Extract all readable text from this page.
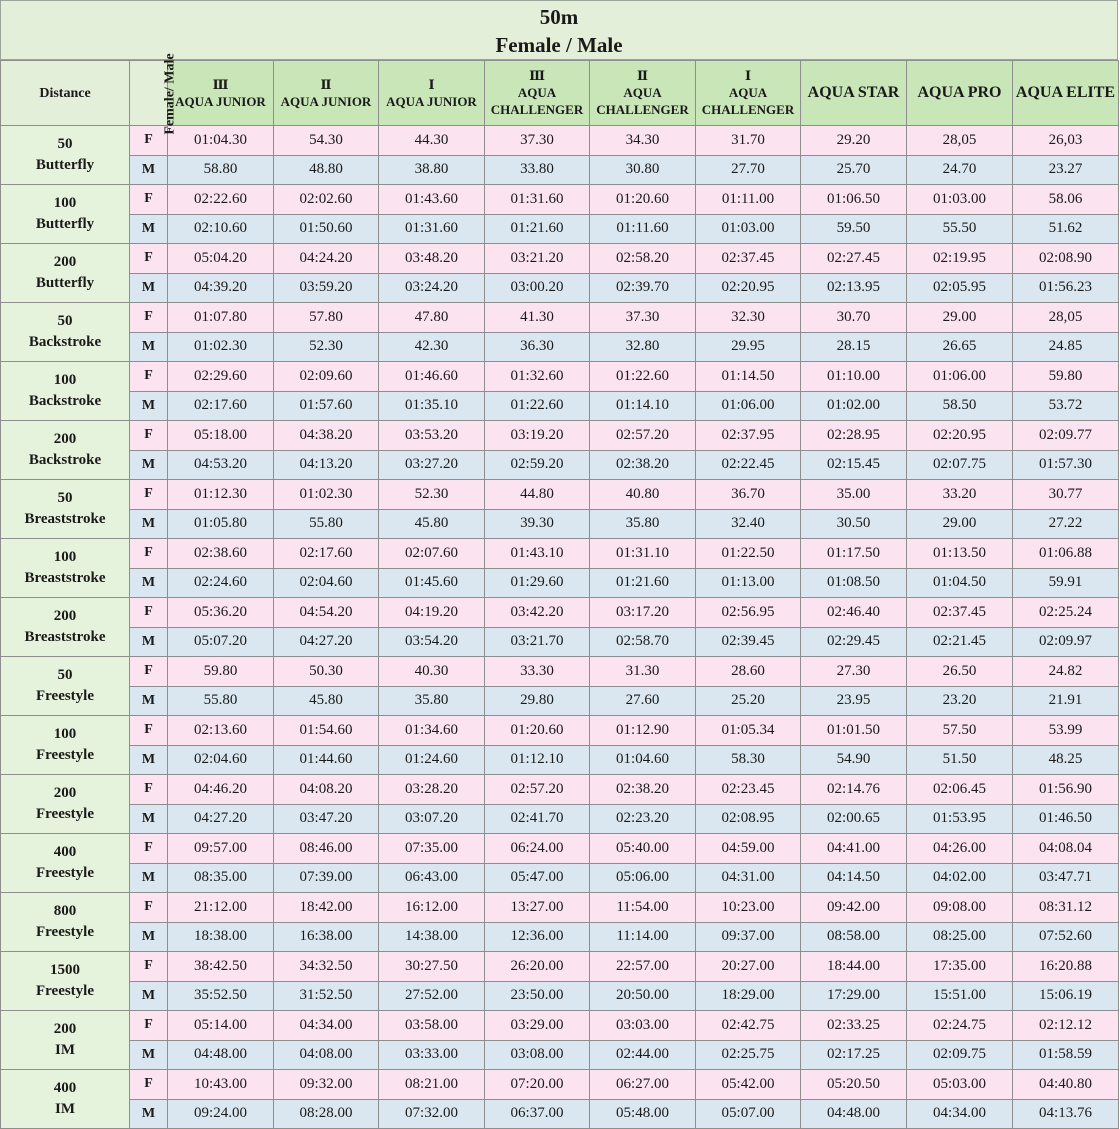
50m
Female / Male
Distance	Female/ Male	Ⅲ
AQUA JUNIOR	Ⅱ
AQUA JUNIOR	Ⅰ
AQUA JUNIOR	Ⅲ
AQUA CHALLENGER	Ⅱ
AQUA CHALLENGER	Ⅰ
AQUA CHALLENGER	AQUA STAR	AQUA PRO	AQUA ELITE

50
Butterfly	F	01:04.30	54.30	44.30	37.30	34.30	31.70	29.20	28,05	26,03
	M	58.80	48.80	38.80	33.80	30.80	27.70	25.70	24.70	23.27

100
Butterfly	F	02:22.60	02:02.60	01:43.60	01:31.60	01:20.60	01:11.00	01:06.50	01:03.00	58.06
	M	02:10.60	01:50.60	01:31.60	01:21.60	01:11.60	01:03.00	59.50	55.50	51.62

200
Butterfly	F	05:04.20	04:24.20	03:48.20	03:21.20	02:58.20	02:37.45	02:27.45	02:19.95	02:08.90
	M	04:39.20	03:59.20	03:24.20	03:00.20	02:39.70	02:20.95	02:13.95	02:05.95	01:56.23

50
Backstroke	F	01:07.80	57.80	47.80	41.30	37.30	32.30	30.70	29.00	28,05
	M	01:02.30	52.30	42.30	36.30	32.80	29.95	28.15	26.65	24.85

100
Backstroke	F	02:29.60	02:09.60	01:46.60	01:32.60	01:22.60	01:14.50	01:10.00	01:06.00	59.80
	M	02:17.60	01:57.60	01:35.10	01:22.60	01:14.10	01:06.00	01:02.00	58.50	53.72

200
Backstroke	F	05:18.00	04:38.20	03:53.20	03:19.20	02:57.20	02:37.95	02:28.95	02:20.95	02:09.77
	M	04:53.20	04:13.20	03:27.20	02:59.20	02:38.20	02:22.45	02:15.45	02:07.75	01:57.30

50
Breaststroke	F	01:12.30	01:02.30	52.30	44.80	40.80	36.70	35.00	33.20	30.77
	M	01:05.80	55.80	45.80	39.30	35.80	32.40	30.50	29.00	27.22

100
Breaststroke	F	02:38.60	02:17.60	02:07.60	01:43.10	01:31.10	01:22.50	01:17.50	01:13.50	01:06.88
	M	02:24.60	02:04.60	01:45.60	01:29.60	01:21.60	01:13.00	01:08.50	01:04.50	59.91

200
Breaststroke	F	05:36.20	04:54.20	04:19.20	03:42.20	03:17.20	02:56.95	02:46.40	02:37.45	02:25.24
	M	05:07.20	04:27.20	03:54.20	03:21.70	02:58.70	02:39.45	02:29.45	02:21.45	02:09.97

50
Freestyle	F	59.80	50.30	40.30	33.30	31.30	28.60	27.30	26.50	24.82
	M	55.80	45.80	35.80	29.80	27.60	25.20	23.95	23.20	21.91

100
Freestyle	F	02:13.60	01:54.60	01:34.60	01:20.60	01:12.90	01:05.34	01:01.50	57.50	53.99
	M	02:04.60	01:44.60	01:24.60	01:12.10	01:04.60	58.30	54.90	51.50	48.25

200
Freestyle	F	04:46.20	04:08.20	03:28.20	02:57.20	02:38.20	02:23.45	02:14.76	02:06.45	01:56.90
	M	04:27.20	03:47.20	03:07.20	02:41.70	02:23.20	02:08.95	02:00.65	01:53.95	01:46.50

400
Freestyle	F	09:57.00	08:46.00	07:35.00	06:24.00	05:40.00	04:59.00	04:41.00	04:26.00	04:08.04
	M	08:35.00	07:39.00	06:43.00	05:47.00	05:06.00	04:31.00	04:14.50	04:02.00	03:47.71

800
Freestyle	F	21:12.00	18:42.00	16:12.00	13:27.00	11:54.00	10:23.00	09:42.00	09:08.00	08:31.12
	M	18:38.00	16:38.00	14:38.00	12:36.00	11:14.00	09:37.00	08:58.00	08:25.00	07:52.60

1500
Freestyle	F	38:42.50	34:32.50	30:27.50	26:20.00	22:57.00	20:27.00	18:44.00	17:35.00	16:20.88
	M	35:52.50	31:52.50	27:52.00	23:50.00	20:50.00	18:29.00	17:29.00	15:51.00	15:06.19

200
IM	F	05:14.00	04:34.00	03:58.00	03:29.00	03:03.00	02:42.75	02:33.25	02:24.75	02:12.12
	M	04:48.00	04:08.00	03:33.00	03:08.00	02:44.00	02:25.75	02:17.25	02:09.75	01:58.59

400
IM	F	10:43.00	09:32.00	08:21.00	07:20.00	06:27.00	05:42.00	05:20.50	05:03.00	04:40.80
	M	09:24.00	08:28.00	07:32.00	06:37.00	05:48.00	05:07.00	04:48.00	04:34.00	04:13.76
